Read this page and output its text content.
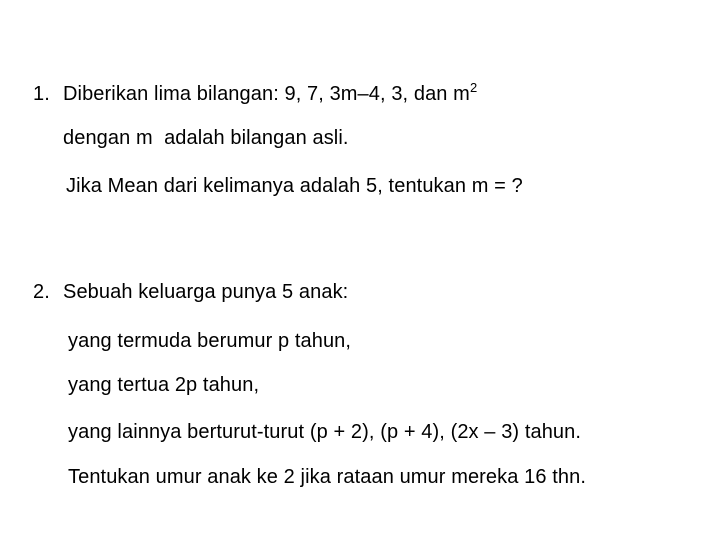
1. Diberikan lima bilangan: 9, 7, 3m–4, 3, dan $m^2$
dengan m  adalah bilangan asli.
Jika Mean dari kelimanya adalah 5, tentukan m = ?
2. Sebuah keluarga punya 5 anak:
yang termuda berumur p tahun,
yang tertua 2p tahun,
yang lainnya berturut-turut (p + 2), (p + 4), (2x – 3) tahun.
Tentukan umur anak ke 2 jika rataan umur mereka 16 thn.
